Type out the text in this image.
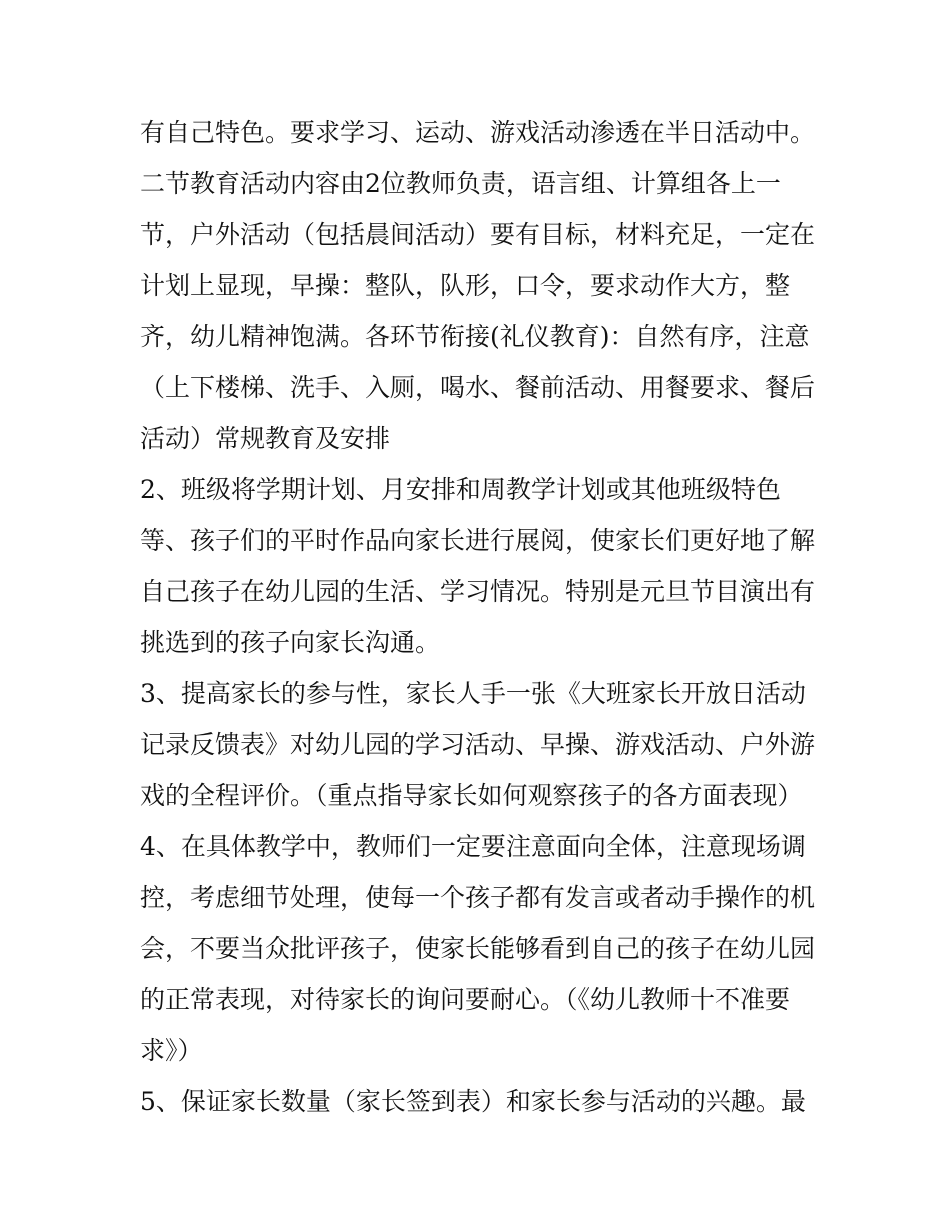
有自己特色。要求学习、运动、游戏活动渗透在半日活动中。
二节教育活动内容由2位教师负责，语言组、计算组各上一
节，户外活动（包括晨间活动）要有目标，材料充足，一定在
计划上显现，早操：整队，队形，口令，要求动作大方，整
齐，幼儿精神饱满。各环节衔接(礼仪教育)：自然有序，注意
（上下楼梯、洗手、入厕，喝水、餐前活动、用餐要求、餐后
活动）常规教育及安排
2、班级将学期计划、月安排和周教学计划或其他班级特色
等、孩子们的平时作品向家长进行展阅，使家长们更好地了解
自己孩子在幼儿园的生活、学习情况。特别是元旦节目演出有
挑选到的孩子向家长沟通。
3、提高家长的参与性，家长人手一张《大班家长开放日活动
记录反馈表》对幼儿园的学习活动、早操、游戏活动、户外游
戏的全程评价。（重点指导家长如何观察孩子的各方面表现）
4、在具体教学中，教师们一定要注意面向全体，注意现场调
控，考虑细节处理，使每一个孩子都有发言或者动手操作的机
会，不要当众批评孩子，使家长能够看到自己的孩子在幼儿园
的正常表现，对待家长的询问要耐心。（《幼儿教师十不准要
求》）
5、保证家长数量（家长签到表）和家长参与活动的兴趣。最
